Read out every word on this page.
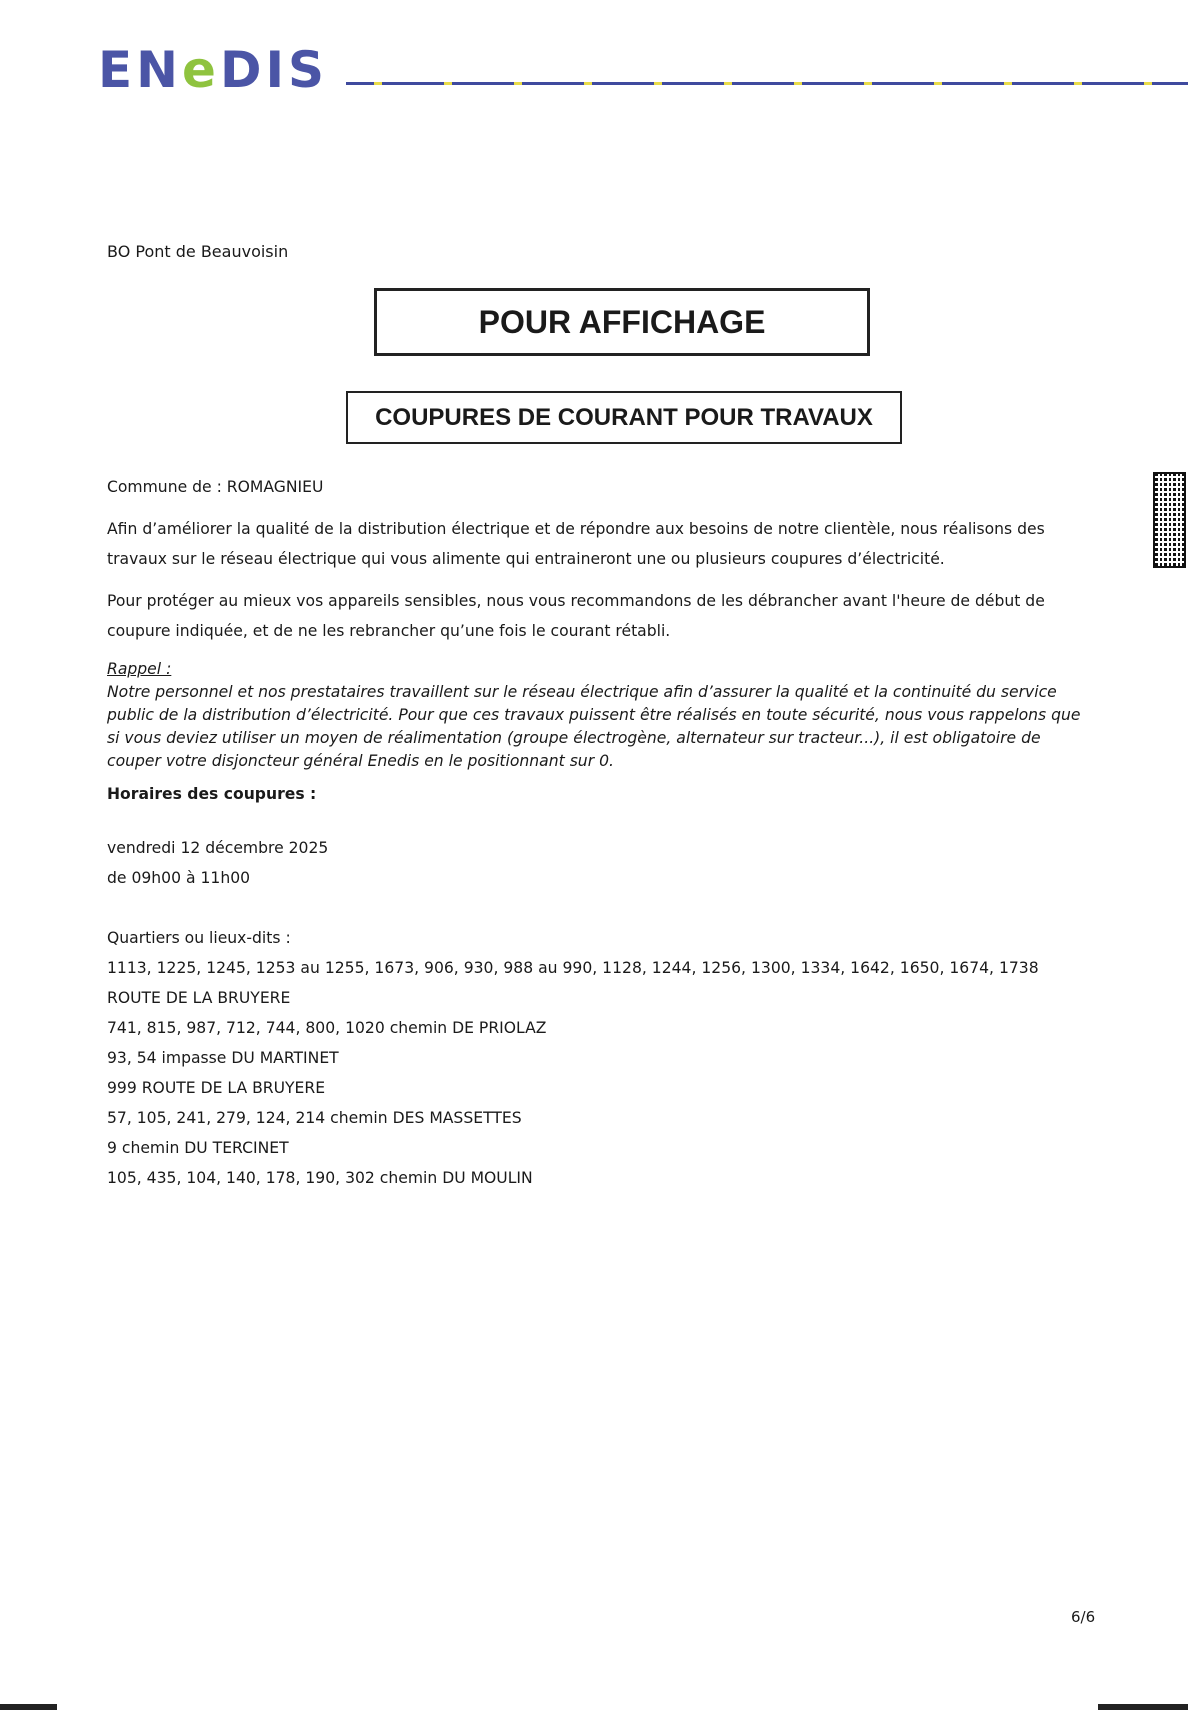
ENeDIS
BO Pont de Beauvoisin
POUR AFFICHAGE
COUPURES DE COURANT POUR TRAVAUX

Commune de : ROMAGNIEU

Afin d’améliorer la qualité de la distribution électrique et de répondre aux besoins de notre clientèle, nous réalisons des travaux sur le réseau électrique qui vous alimente qui entraineront une ou plusieurs coupures d’électricité.

Pour protéger au mieux vos appareils sensibles, nous vous recommandons de les débrancher avant l'heure de début de coupure indiquée, et de ne les rebrancher qu’une fois le courant rétabli.

Rappel :
Notre personnel et nos prestataires travaillent sur le réseau électrique afin d’assurer la qualité et la continuité du service public de la distribution d’électricité. Pour que ces travaux puissent être réalisés en toute sécurité, nous vous rappelons que si vous deviez utiliser un moyen de réalimentation (groupe électrogène, alternateur sur tracteur...), il est obligatoire de couper votre disjoncteur général Enedis en le positionnant sur 0.

Horaires des coupures :

vendredi 12 décembre 2025
de 09h00 à 11h00
Quartiers ou lieux-dits :
1113, 1225, 1245, 1253 au 1255, 1673, 906, 930, 988 au 990, 1128, 1244, 1256, 1300, 1334, 1642, 1650, 1674, 1738 ROUTE DE LA BRUYERE
741, 815, 987, 712, 744, 800, 1020 chemin DE PRIOLAZ
93, 54 impasse DU MARTINET
999 ROUTE DE LA BRUYERE
57, 105, 241, 279, 124, 214 chemin DES MASSETTES
9 chemin DU TERCINET
105, 435, 104, 140, 178, 190, 302 chemin DU MOULIN
6/6
